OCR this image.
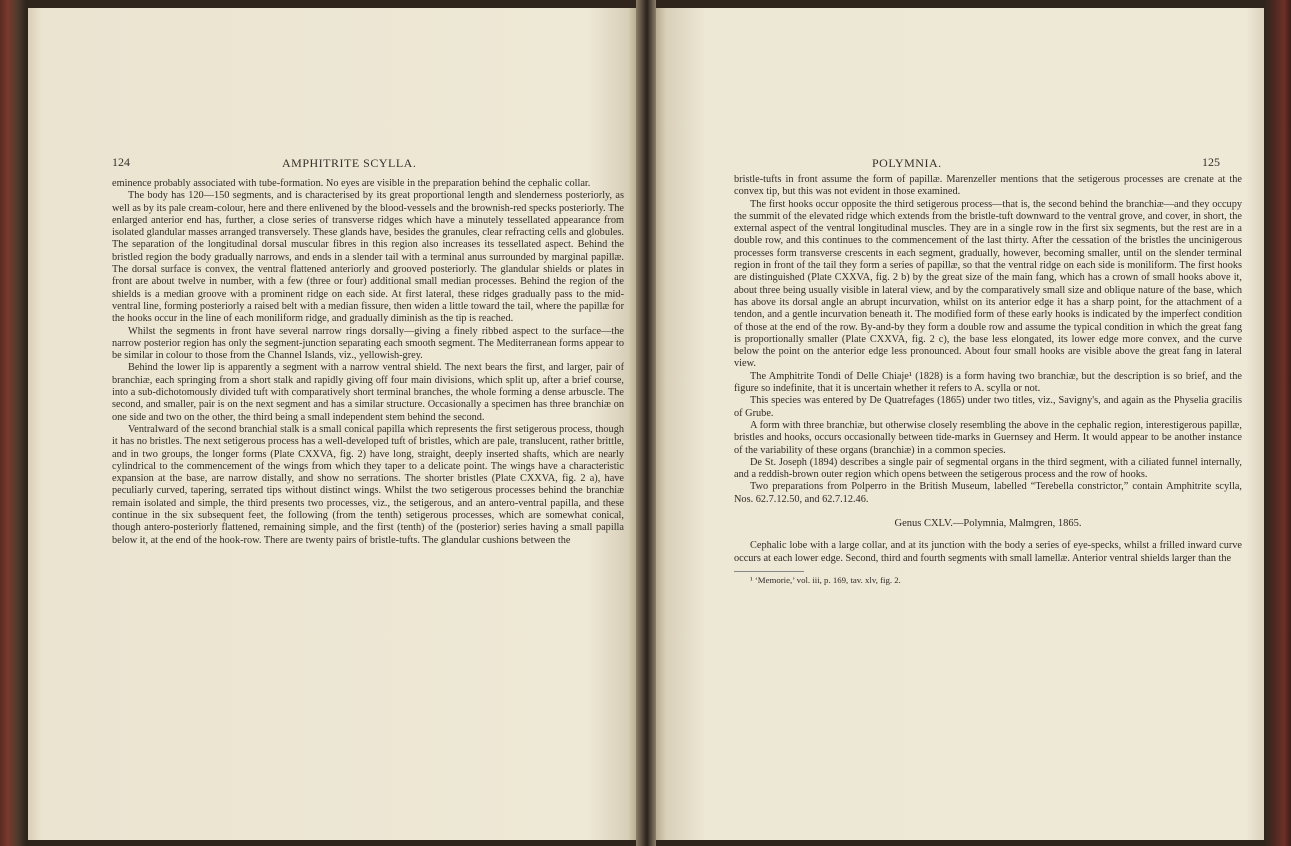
124	AMPHITRITE SCYLLA.

eminence probably associated with tube-formation. No eyes are visible in the preparation behind the cephalic collar.

The body has 120—150 segments, and is characterised by its great proportional length and slenderness posteriorly, as well as by its pale cream-colour, here and there enlivened by the blood-vessels and the brownish-red specks posteriorly. The enlarged anterior end has, further, a close series of transverse ridges which have a minutely tessellated appearance from isolated glandular masses arranged transversely. These glands have, besides the granules, clear refracting cells and globules. The separation of the longitudinal dorsal muscular fibres in this region also increases its tessellated aspect. Behind the bristled region the body gradually narrows, and ends in a slender tail with a terminal anus surrounded by marginal papillæ. The dorsal surface is convex, the ventral flattened anteriorly and grooved posteriorly. The glandular shields or plates in front are about twelve in number, with a few (three or four) additional small median processes. Behind the region of the shields is a median groove with a prominent ridge on each side. At first lateral, these ridges gradually pass to the mid-ventral line, forming posteriorly a raised belt with a median fissure, then widen a little toward the tail, where the papillæ for the hooks occur in the line of each moniliform ridge, and gradually diminish as the tip is reached.

Whilst the segments in front have several narrow rings dorsally—giving a finely ribbed aspect to the surface—the narrow posterior region has only the segment-junction separating each smooth segment. The Mediterranean forms appear to be similar in colour to those from the Channel Islands, viz., yellowish-grey.

Behind the lower lip is apparently a segment with a narrow ventral shield. The next bears the first, and larger, pair of branchiæ, each springing from a short stalk and rapidly giving off four main divisions, which split up, after a brief course, into a sub-dichotomously divided tuft with comparatively short terminal branches, the whole forming a dense arbuscle. The second, and smaller, pair is on the next segment and has a similar structure. Occasionally a specimen has three branchiæ on one side and two on the other, the third being a small independent stem behind the second.

Ventralward of the second branchial stalk is a small conical papilla which represents the first setigerous process, though it has no bristles. The next setigerous process has a well-developed tuft of bristles, which are pale, translucent, rather brittle, and in two groups, the longer forms (Plate CXXVA, fig. 2) have long, straight, deeply inserted shafts, which are nearly cylindrical to the commencement of the wings from which they taper to a delicate point. The wings have a characteristic expansion at the base, are narrow distally, and show no serrations. The shorter bristles (Plate CXXVA, fig. 2 a), have peculiarly curved, tapering, serrated tips without distinct wings. Whilst the two setigerous processes behind the branchiæ remain isolated and simple, the third presents two processes, viz., the setigerous, and an antero-ventral papilla, and these continue in the six subsequent feet, the following (from the tenth) setigerous processes, which are somewhat conical, though antero-posteriorly flattened, remaining simple, and the first (tenth) of the (posterior) series having a small papilla below it, at the end of the hook-row. There are twenty pairs of bristle-tufts. The glandular cushions between the

POLYMNIA.	125

bristle-tufts in front assume the form of papillæ. Marenzeller mentions that the setigerous processes are crenate at the convex tip, but this was not evident in those examined.

The first hooks occur opposite the third setigerous process—that is, the second behind the branchiæ—and they occupy the summit of the elevated ridge which extends from the bristle-tuft downward to the ventral grove, and cover, in short, the external aspect of the ventral longitudinal muscles. They are in a single row in the first six segments, but the rest are in a double row, and this continues to the commencement of the last thirty. After the cessation of the bristles the uncinigerous processes form transverse crescents in each segment, gradually, however, becoming smaller, until on the slender terminal region in front of the tail they form a series of papillæ, so that the ventral ridge on each side is moniliform. The first hooks are distinguished (Plate CXXVA, fig. 2 b) by the great size of the main fang, which has a crown of small hooks above it, about three being usually visible in lateral view, and by the comparatively small size and oblique nature of the base, which has above its dorsal angle an abrupt incurvation, whilst on its anterior edge it has a sharp point, for the attachment of a tendon, and a gentle incurvation beneath it. The modified form of these early hooks is indicated by the imperfect condition of those at the end of the row. By-and-by they form a double row and assume the typical condition in which the great fang is proportionally smaller (Plate CXXVA, fig. 2 c), the base less elongated, its lower edge more convex, and the curve below the point on the anterior edge less pronounced. About four small hooks are visible above the great fang in lateral view.

The Amphitrite Tondi of Delle Chiaje¹ (1828) is a form having two branchiæ, but the description is so brief, and the figure so indefinite, that it is uncertain whether it refers to A. scylla or not.

This species was entered by De Quatrefages (1865) under two titles, viz., Savigny's, and again as the Physelia gracilis of Grube.

A form with three branchiæ, but otherwise closely resembling the above in the cephalic region, interestigerous papillæ, bristles and hooks, occurs occasionally between tide-marks in Guernsey and Herm. It would appear to be another instance of the variability of these organs (branchiæ) in a common species.

De St. Joseph (1894) describes a single pair of segmental organs in the third segment, with a ciliated funnel internally, and a reddish-brown outer region which opens between the setigerous process and the row of hooks.

Two preparations from Polperro in the British Museum, labelled “Terebella constrictor,” contain Amphitrite scylla, Nos. 62.7.12.50, and 62.7.12.46.

Genus CXLV.—Polymnia, Malmgren, 1865.

Cephalic lobe with a large collar, and at its junction with the body a series of eye-specks, whilst a frilled inward curve occurs at each lower edge. Second, third and fourth segments with small lamellæ. Anterior ventral shields larger than the

¹ ‘Memorie,’ vol. iii, p. 169, tav. xlv, fig. 2.
